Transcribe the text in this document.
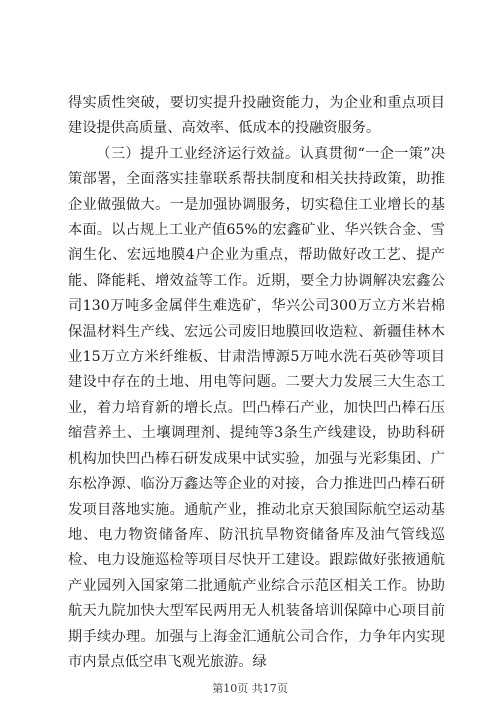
得实质性突破，要切实提升投融资能力，为企业和重点项目建设提供高质量、高效率、低成本的投融资服务。

（三）提升工业经济运行效益。认真贯彻“一企一策”决策部署，全面落实挂靠联系帮扶制度和相关扶持政策，助推企业做强做大。一是加强协调服务，切实稳住工业增长的基本面。以占规上工业产值65%的宏鑫矿业、华兴铁合金、雪润生化、宏远地膜4户企业为重点，帮助做好改工艺、提产能、降能耗、增效益等工作。近期，要全力协调解决宏鑫公司130万吨多金属伴生难选矿，华兴公司300万立方米岩棉保温材料生产线、宏远公司废旧地膜回收造粒、新疆佳林木业15万立方米纤维板、甘肃浩博源5万吨水洗石英砂等项目建设中存在的土地、用电等问题。二要大力发展三大生态工业，着力培育新的增长点。凹凸棒石产业，加快凹凸棒石压缩营养土、土壤调理剂、提纯等3条生产线建设，协助科研机构加快凹凸棒石研发成果中试实验，加强与光彩集团、广东松净源、临汾万鑫达等企业的对接，合力推进凹凸棒石研发项目落地实施。通航产业，推动北京天狼国际航空运动基地、电力物资储备库、防汛抗旱物资储备库及油气管线巡检、电力设施巡检等项目尽快开工建设。跟踪做好张掖通航产业园列入国家第二批通航产业综合示范区相关工作。协助航天九院加快大型军民两用无人机装备培训保障中心项目前期手续办理。加强与上海金汇通航公司合作，力争年内实现市内景点低空串飞观光旅游。绿

第10页 共17页
